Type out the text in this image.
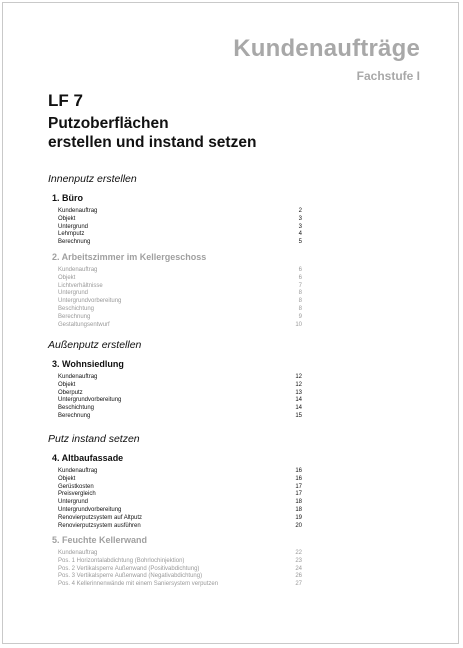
Kundenaufträge
Fachstufe I
LF 7
Putzoberflächen
erstellen und instand setzen
Innenputz erstellen
1. Büro
Kundenauftrag	2
Objekt	3
Untergrund	3
Lehmputz	4
Berechnung	5
2. Arbeitszimmer im Kellergeschoss
Kundenauftrag	6
Objekt	6
Lichtverhältnisse	7
Untergrund	8
Untergrundvorbereitung	8
Beschichtung	8
Berechnung	9
Gestaltungsentwurf	10
Außenputz erstellen
3. Wohnsiedlung
Kundenauftrag	12
Objekt	12
Oberputz	13
Untergrundvorbereitung	14
Beschichtung	14
Berechnung	15
Putz instand setzen
4. Altbaufassade
Kundenauftrag	16
Objekt	16
Gerüstkosten	17
Preisvergleich	17
Untergrund	18
Untergrundvorbereitung	18
Renovierputzsystem auf Altputz	19
Renovierputzsystem ausführen	20
5. Feuchte Kellerwand
Kundenauftrag	22
Pos. 1 Horizontalabdichtung (Bohrlochinjektion)	23
Pos. 2 Vertikalsperre Außenwand (Positivabdichtung)	24
Pos. 3 Vertikalsperre Außenwand (Negativabdichtung)	26
Pos. 4 Kellerinnenwände mit einem Saniersystem verputzen	27
